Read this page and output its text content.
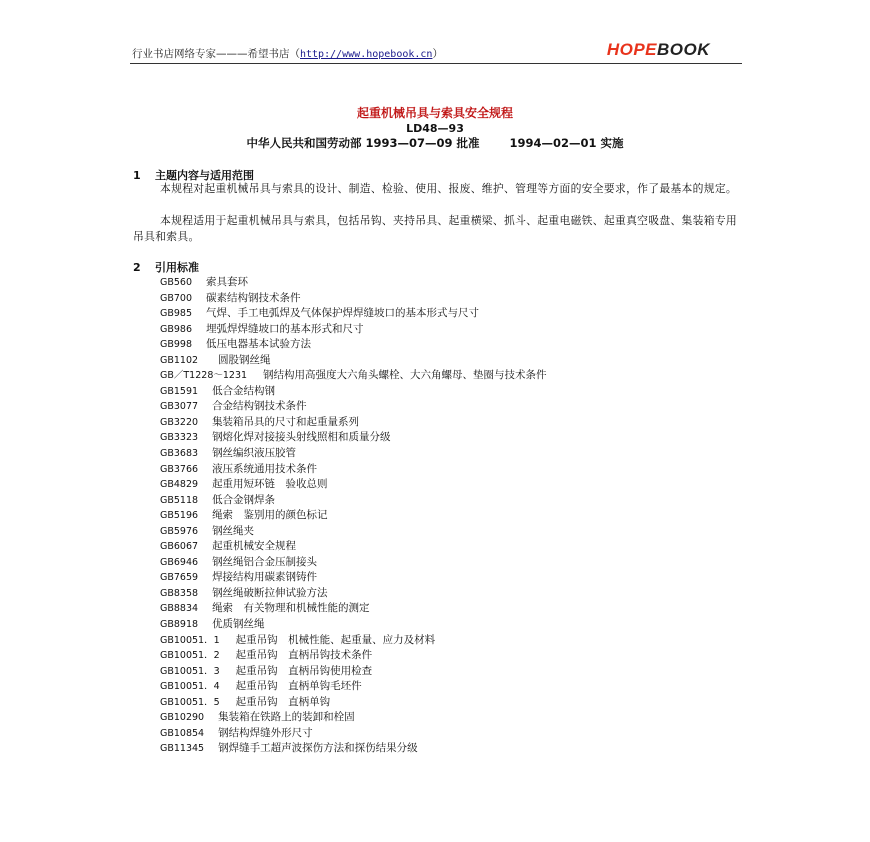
行业书店网络专家———希望书店（http://www.hopebook.cn）	HOPEBOOK
起重机械吊具与索具安全规程
LD48—93
中华人民共和国劳动部 1993—07—09 批准	1994—02—01 实施
1 主题内容与适用范围
本规程对起重机械吊具与索具的设计、制造、检验、使用、报废、维护、管理等方面的安全要求，作了最基本的规定。
本规程适用于起重机械吊具与索具，包括吊钩、夹持吊具、起重横梁、抓斗、起重电磁铁、起重真空吸盘、集装箱专用吊具和索具。
2 引用标准
GB560 索具套环
GB700 碳素结构钢技术条件
GB985 气焊、手工电弧焊及气体保护焊焊缝坡口的基本形式与尺寸
GB986 埋弧焊焊缝坡口的基本形式和尺寸
GB998 低压电器基本试验方法
GB1102 圆股钢丝绳
GB／T1228～1231 钢结构用高强度大六角头螺栓、大六角螺母、垫圈与技术条件
GB1591 低合金结构钢
GB3077 合金结构钢技术条件
GB3220 集装箱吊具的尺寸和起重量系列
GB3323 钢熔化焊对接接头射线照相和质量分级
GB3683 钢丝编织液压胶管
GB3766 液压系统通用技术条件
GB4829 起重用短环链　验收总则
GB5118 低合金钢焊条
GB5196 绳索　鉴别用的颜色标记
GB5976 钢丝绳夹
GB6067 起重机械安全规程
GB6946 钢丝绳铝合金压制接头
GB7659 焊接结构用碳素钢铸件
GB8358 钢丝绳破断拉伸试验方法
GB8834 绳索　有关物理和机械性能的测定
GB8918 优质钢丝绳
GB10051．1 起重吊钩　机械性能、起重量、应力及材料
GB10051．2 起重吊钩　直柄吊钩技术条件
GB10051．3 起重吊钩　直柄吊钩使用检查
GB10051．4 起重吊钩　直柄单钩毛坯件
GB10051．5 起重吊钩　直柄单钩
GB10290 集装箱在铁路上的装卸和栓固
GB10854 钢结构焊缝外形尺寸
GB11345 钢焊缝手工超声波探伤方法和探伤结果分级
